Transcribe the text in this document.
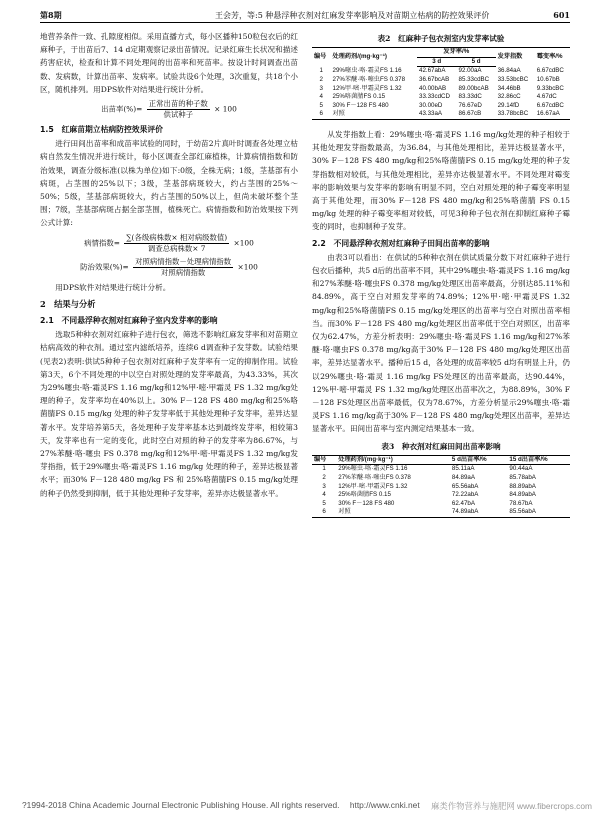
第8期	王会芳，等:5 种悬浮种衣剂对红麻发芽率影响及对苗期立枯病的防控效果评价	601

地营养条件一致、孔隙度相似。采用直播方式，每小区播种150粒包衣后的红麻种子，于出苗后7、14 d定期观察记录出苗情况。记录红麻生长状况和描述药害症状，检查和计算不同处理间的出苗率和死苗率。按设计时间调查出苗数、发病数，计算出苗率、发病率。试验共设6个处理，3次重复，共18个小区，随机排列。用DPS软件对结果进行统计分析。

出苗率(%)= $\frac{\text{正常出苗的种子数}}{\text{供试种子}} \times 100$
1.5　红麻苗期立枯病防控效果评价

进行田间出苗率和成苗率试验的同时，于幼苗2片真叶时调查各处理立枯病自然发生情况并进行统计，每小区调查全部红麻植株，计算病情指数和防治效果，调查分级标准(以株为单位)如下:0级，全株无病；1级，茎基部有小病斑，占茎围的25%以下；3级，茎基部病斑较大，约占茎围的25%～50%；5级，茎基部病斑较大，约占茎围的50%以上，但尚未破坏整个茎围；7级，茎基部病斑占据全部茎围，植株死亡。病情指数和防治效果按下列公式计算:

病情指数= $\frac{\text{∑(各级病株数× 相对病级数值)}}{\text{调查总病株数× 7}} \times 100$
防治效果(%)= $\frac{\text{对照病情指数－处理病情指数}}{\text{对照病情指数}} \times 100$

用DPS软件对结果进行统计分析。

2　结果与分析
2.1　不同悬浮种衣剂对红麻种子室内发芽率的影响

选取5种种衣剂对红麻种子进行包衣，筛选不影响红麻发芽率和对苗期立枯病高效的种衣剂。通过室内滤纸培养，连续6 d调查种子发芽数。试验结果(见表2)表明:供试5种种子包衣剂对红麻种子发芽率有一定的抑制作用。试验第3天，6个不同处理的中以空白对照处理的发芽率最高，为43.33%，其次为29%噻虫·咯·霜灵FS 1.16 mg/kg和12%甲·嘧·甲霜灵 FS 1.32 mg/kg处理的种子，发芽率均在40%以上。30% F－128 FS 480 mg/kg和25%咯菌腈FS 0.15 mg/kg 处理的种子发芽率低于其他处理种子发芽率，差异达显著水平。发芽培养第5天，各处理种子发芽率基本达到最终发芽率，相较第3天，发芽率也有一定的变化，此时空白对照的种子的发芽率为86.67%，与27%苯醚·咯·噻虫 FS 0.378 mg/kg和12%甲·嘧·甲霜灵FS 1.32 mg/kg发芽指指，低于29%噻虫·咯·霜灵FS 1.16 mg/kg 处理的种子，差异达极显著水平；而30% F－128 480 mg/kg FS 和 25%咯菌腈FS 0.15 mg/kg处理的种子仍然受到抑制，低于其他处理种子发芽率，差异亦达极显著水平。

表2　红麻种子包衣剂室内发芽率试验
编号	处理药剂/(mg·kg⁻¹)	发芽率/%		发芽指数	霉变率/%
		3 d	5 d		
1	29%噻虫·咯·霜灵FS 1.16	42.67abA	92.00aA	36.84aA	6.67cdBC
2	27%苯醚·咯·噻虫FS 0.378	36.67bcAB	85.33cdBC	33.53bcBC	10.67bB
3	12%甲·嘧·甲霜灵FS 1.32	40.00bAB	89.00bcAB	34.46bB	9.33bcBC
4	25%咯菌腈FS 0.15	33.33cdCD	83.33dC	32.86cC	4.67dC
5	30% F－128 FS 480	30.00eD	76.67eD	29.14fD	6.67cdBC
6	对照	43.33aA	86.67cB	33.78bcBC	16.67aA

从发芽指数上看：29%噻虫·咯·霜灵FS 1.16 mg/kg处理的种子相较于其他处理发芽指数最高，为36.84，与其他处理相比，差异达极显著水平，30% F－128 FS 480 mg/kg和25%咯菌腈FS 0.15 mg/kg处理的种子发芽指数相对较低，与其他处理相比，差异亦达极显著水平。不同处理对霉变率的影响效果与发芽率的影响有明显不同，空白对照处理的种子霉变率明显高于其他处理，而30% F－128 FS 480 mg/kg和25%咯菌腈 FS 0.15 mg/kg 处理的种子霉变率相对较低，可见3种种子包衣剂在抑制红麻种子霉变的同时，也抑制种子发芽。

2.2　不同悬浮种衣剂对红麻种子田间出苗率的影响

由表3可以看出：在供试的5种种衣剂在供试质量分数下对红麻种子进行包衣后播种，共5 d后的出苗率不同，其中29%噻虫·咯·霜灵FS 1.16 mg/kg和27%苯醚·咯·噻虫FS 0.378 mg/kg处理区出苗率最高，分别达85.11%和84.89%，高于空白对照发芽率的74.89%；12%甲·嘧·甲霜灵FS 1.32 mg/kg和25%咯菌腈FS 0.15 mg/kg处理区的出苗率与空白对照出苗率相当。而30% F－128 FS 480 mg/kg处理区出苗率低于空白对照区，出苗率仅为62.47%，方差分析表明：29%噻虫·咯·霜灵FS 1.16 mg/kg和27%苯醚·咯·噻虫FS 0.378 mg/kg高于30% F－128 FS 480 mg/kg处理区出苗率，差异达显著水平。播种后15 d，各处理的成苗率较5 d均有明显上升，仍以29%噻虫·咯·霜灵 1.16 mg/kg FS处理区的出苗率最高，达90.44%，12%甲·嘧·甲霜灵 FS 1.32 mg/kg处理区出苗率次之，为88.89%，30% F－128 FS处理区出苗率最低，仅为78.67%，方差分析显示29%噻虫·咯·霜灵FS 1.16 mg/kg高于30% F－128 FS 480 mg/kg处理区出苗率，差异达显著水平。田间出苗率与室内测定结果基本一致。

表3　种衣剂对红麻田间出苗率影响
编号	处理药剂/(mg·kg⁻¹)	5 d出苗率/%	15 d出苗率/%
1	29%噻虫·咯·霜灵FS 1.16	85.11aA	90.44aA
2	27%苯醚·咯·噻虫FS 0.378	84.89aA	85.78abA
3	12%甲·嘧·甲霜灵FS 1.32	65.56abA	88.89abA
4	25%咯菌腈FS 0.15	72.22abA	84.89abA
5	30% F－128 FS 480	62.47bA	78.67bA
6	对照	74.89abA	85.56abA
?1994-2018 China Academic Journal Electronic Publishing House. All rights reserved. http://www.cnki.net 麻类作物营养与施肥网 www.fibercrops.com
